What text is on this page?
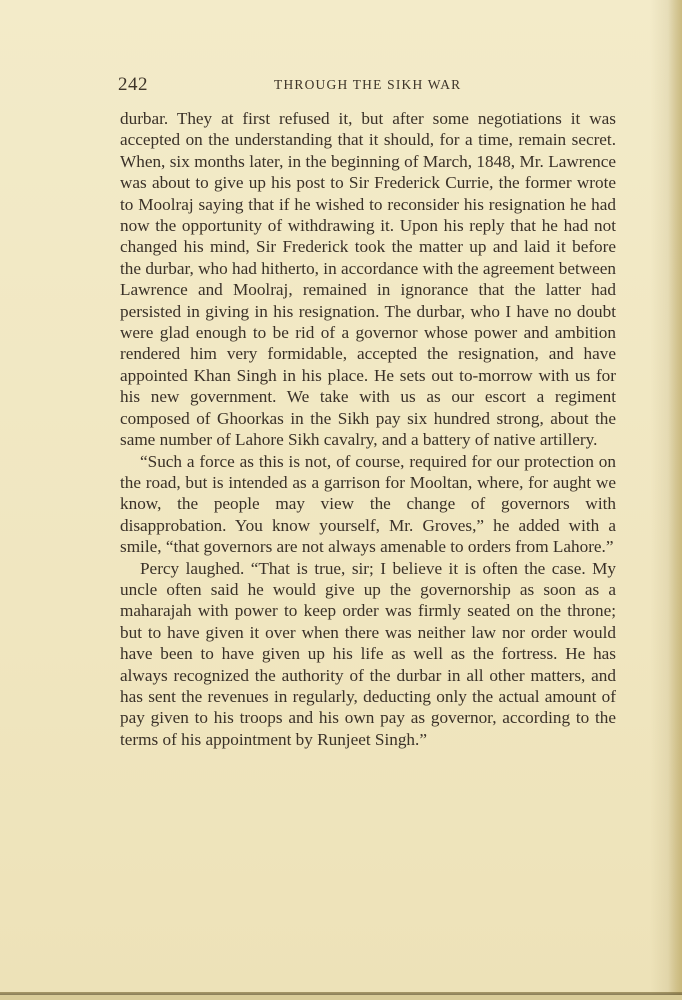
242	THROUGH THE SIKH WAR

durbar. They at first refused it, but after some negotiations it was accepted on the understanding that it should, for a time, remain secret. When, six months later, in the beginning of March, 1848, Mr. Lawrence was about to give up his post to Sir Frederick Currie, the former wrote to Moolraj saying that if he wished to reconsider his resignation he had now the opportunity of withdrawing it. Upon his reply that he had not changed his mind, Sir Frederick took the matter up and laid it before the durbar, who had hitherto, in accordance with the agreement between Lawrence and Moolraj, remained in ignorance that the latter had persisted in giving in his resignation. The durbar, who I have no doubt were glad enough to be rid of a governor whose power and ambition rendered him very formidable, accepted the resignation, and have appointed Khan Singh in his place. He sets out to-morrow with us for his new government. We take with us as our escort a regiment composed of Ghoorkas in the Sikh pay six hundred strong, about the same number of Lahore Sikh cavalry, and a battery of native artillery.

“Such a force as this is not, of course, required for our protection on the road, but is intended as a garrison for Mooltan, where, for aught we know, the people may view the change of governors with disapprobation. You know yourself, Mr. Groves,” he added with a smile, “that governors are not always amenable to orders from Lahore.”

Percy laughed. “That is true, sir; I believe it is often the case. My uncle often said he would give up the governorship as soon as a maharajah with power to keep order was firmly seated on the throne; but to have given it over when there was neither law nor order would have been to have given up his life as well as the fortress. He has always recognized the authority of the durbar in all other matters, and has sent the revenues in regularly, deducting only the actual amount of pay given to his troops and his own pay as governor, according to the terms of his appointment by Runjeet Singh.”
